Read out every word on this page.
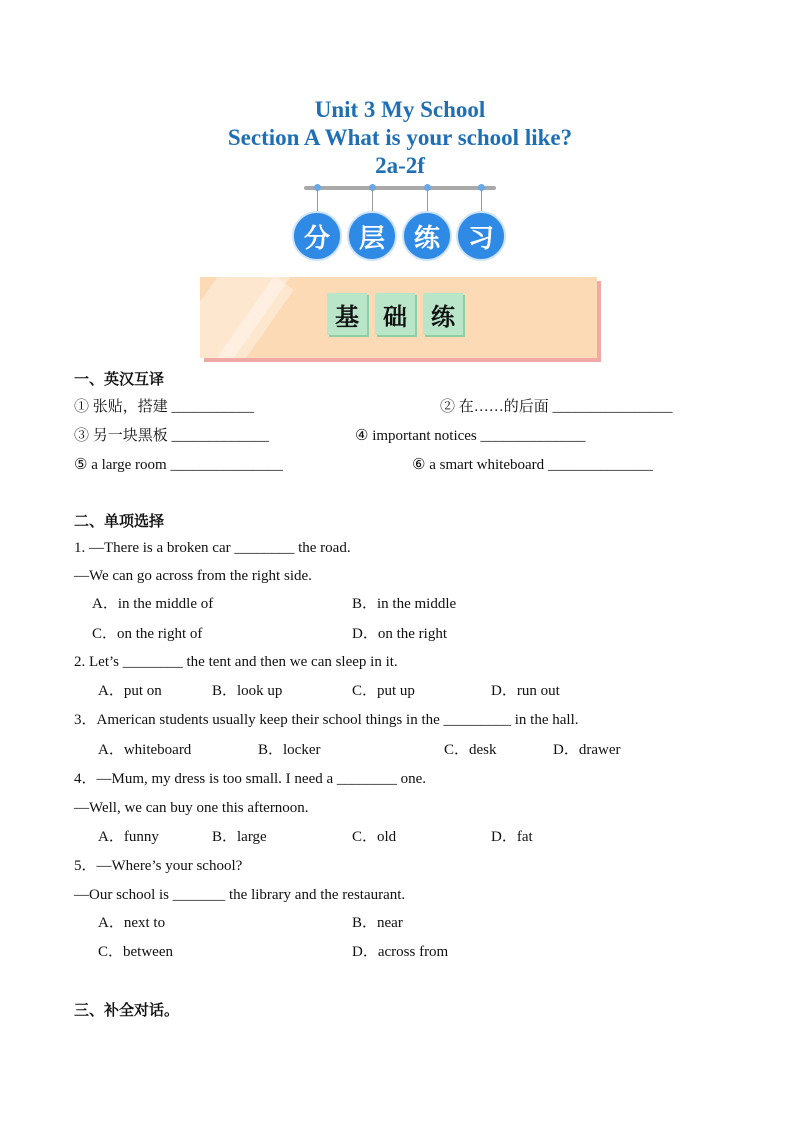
Unit 3 My School
Section A What is your school like?
2a-2f
分	层	练	习
基	础	练
一、英汉互译
① 张贴，搭建 ___________	② 在……的后面 ________________
③ 另一块黑板 _____________	④ important notices ______________
⑤ a large room _______________	⑥ a smart whiteboard ______________
二、单项选择
1. —There is a broken car ________ the road.
—We can go across from the right side.
A．in the middle of	B．in the middle
C．on the right of	D．on the right
2. Let’s ________ the tent and then we can sleep in it.
A．put on	B．look up	C．put up	D．run out
3．American students usually keep their school things in the _________ in the hall.
A．whiteboard	B．locker	C．desk	D．drawer
4．—Mum, my dress is too small. I need a ________ one.
—Well, we can buy one this afternoon.
A．funny	B．large	C．old	D．fat
5．—Where’s your school?
—Our school is _______ the library and the restaurant.
A．next to	B．near
C．between	D．across from
三、补全对话。
